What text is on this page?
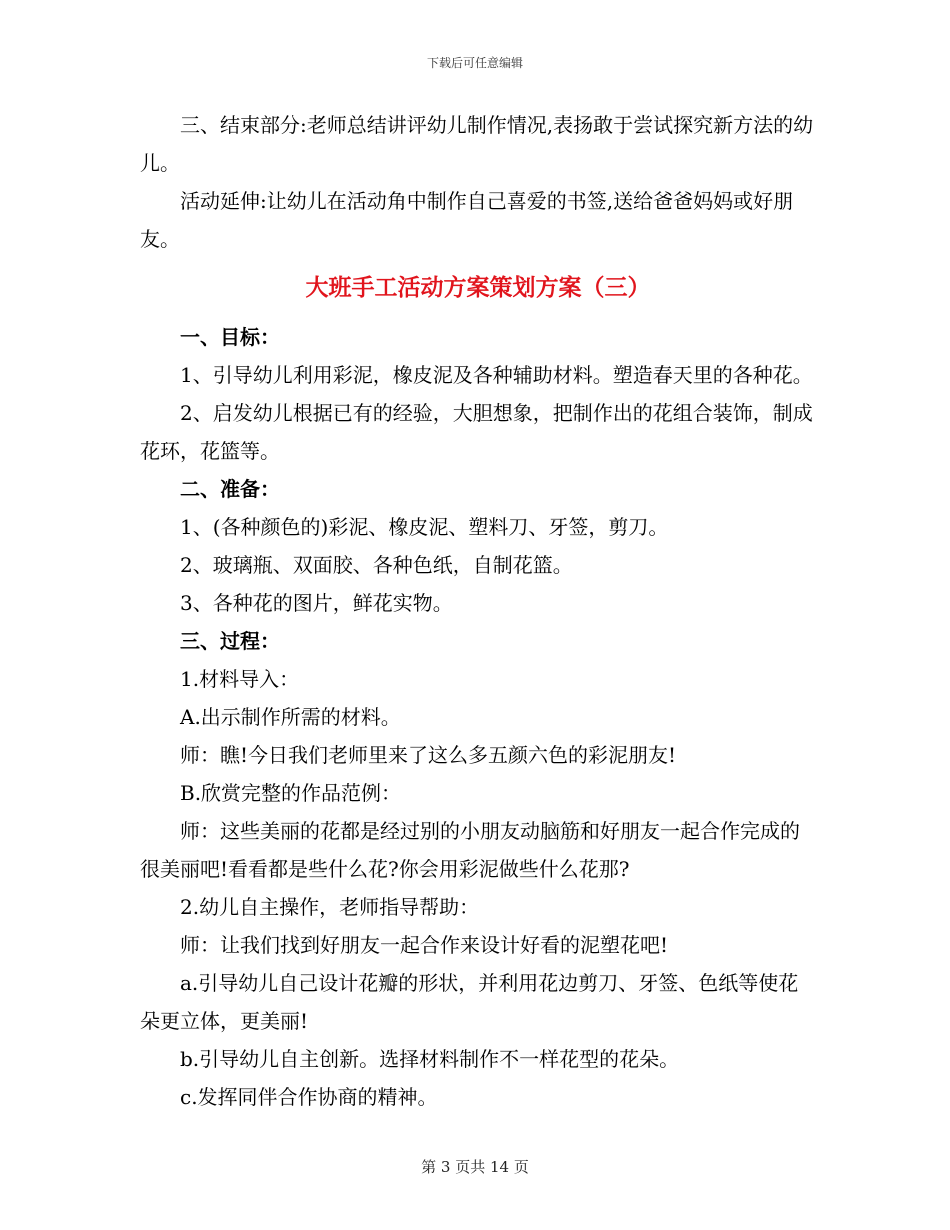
下载后可任意编辑

三、结束部分:老师总结讲评幼儿制作情况,表扬敢于尝试探究新方法的幼儿。

活动延伸:让幼儿在活动角中制作自己喜爱的书签,送给爸爸妈妈或好朋友。

大班手工活动方案策划方案（三）

一、目标：

1、引导幼儿利用彩泥，橡皮泥及各种辅助材料。塑造春天里的各种花。

2、启发幼儿根据已有的经验，大胆想象，把制作出的花组合装饰，制成花环，花篮等。

二、准备：

1、(各种颜色的)彩泥、橡皮泥、塑料刀、牙签，剪刀。

2、玻璃瓶、双面胶、各种色纸，自制花篮。

3、各种花的图片，鲜花实物。

三、过程：

1.材料导入：

A.出示制作所需的材料。

师：瞧!今日我们老师里来了这么多五颜六色的彩泥朋友!

B.欣赏完整的作品范例：

师：这些美丽的花都是经过别的小朋友动脑筋和好朋友一起合作完成的很美丽吧!看看都是些什么花?你会用彩泥做些什么花那?

2.幼儿自主操作，老师指导帮助：

师：让我们找到好朋友一起合作来设计好看的泥塑花吧!

a.引导幼儿自己设计花瓣的形状，并利用花边剪刀、牙签、色纸等使花朵更立体，更美丽!

b.引导幼儿自主创新。选择材料制作不一样花型的花朵。

c.发挥同伴合作协商的精神。

第 3 页共 14 页
